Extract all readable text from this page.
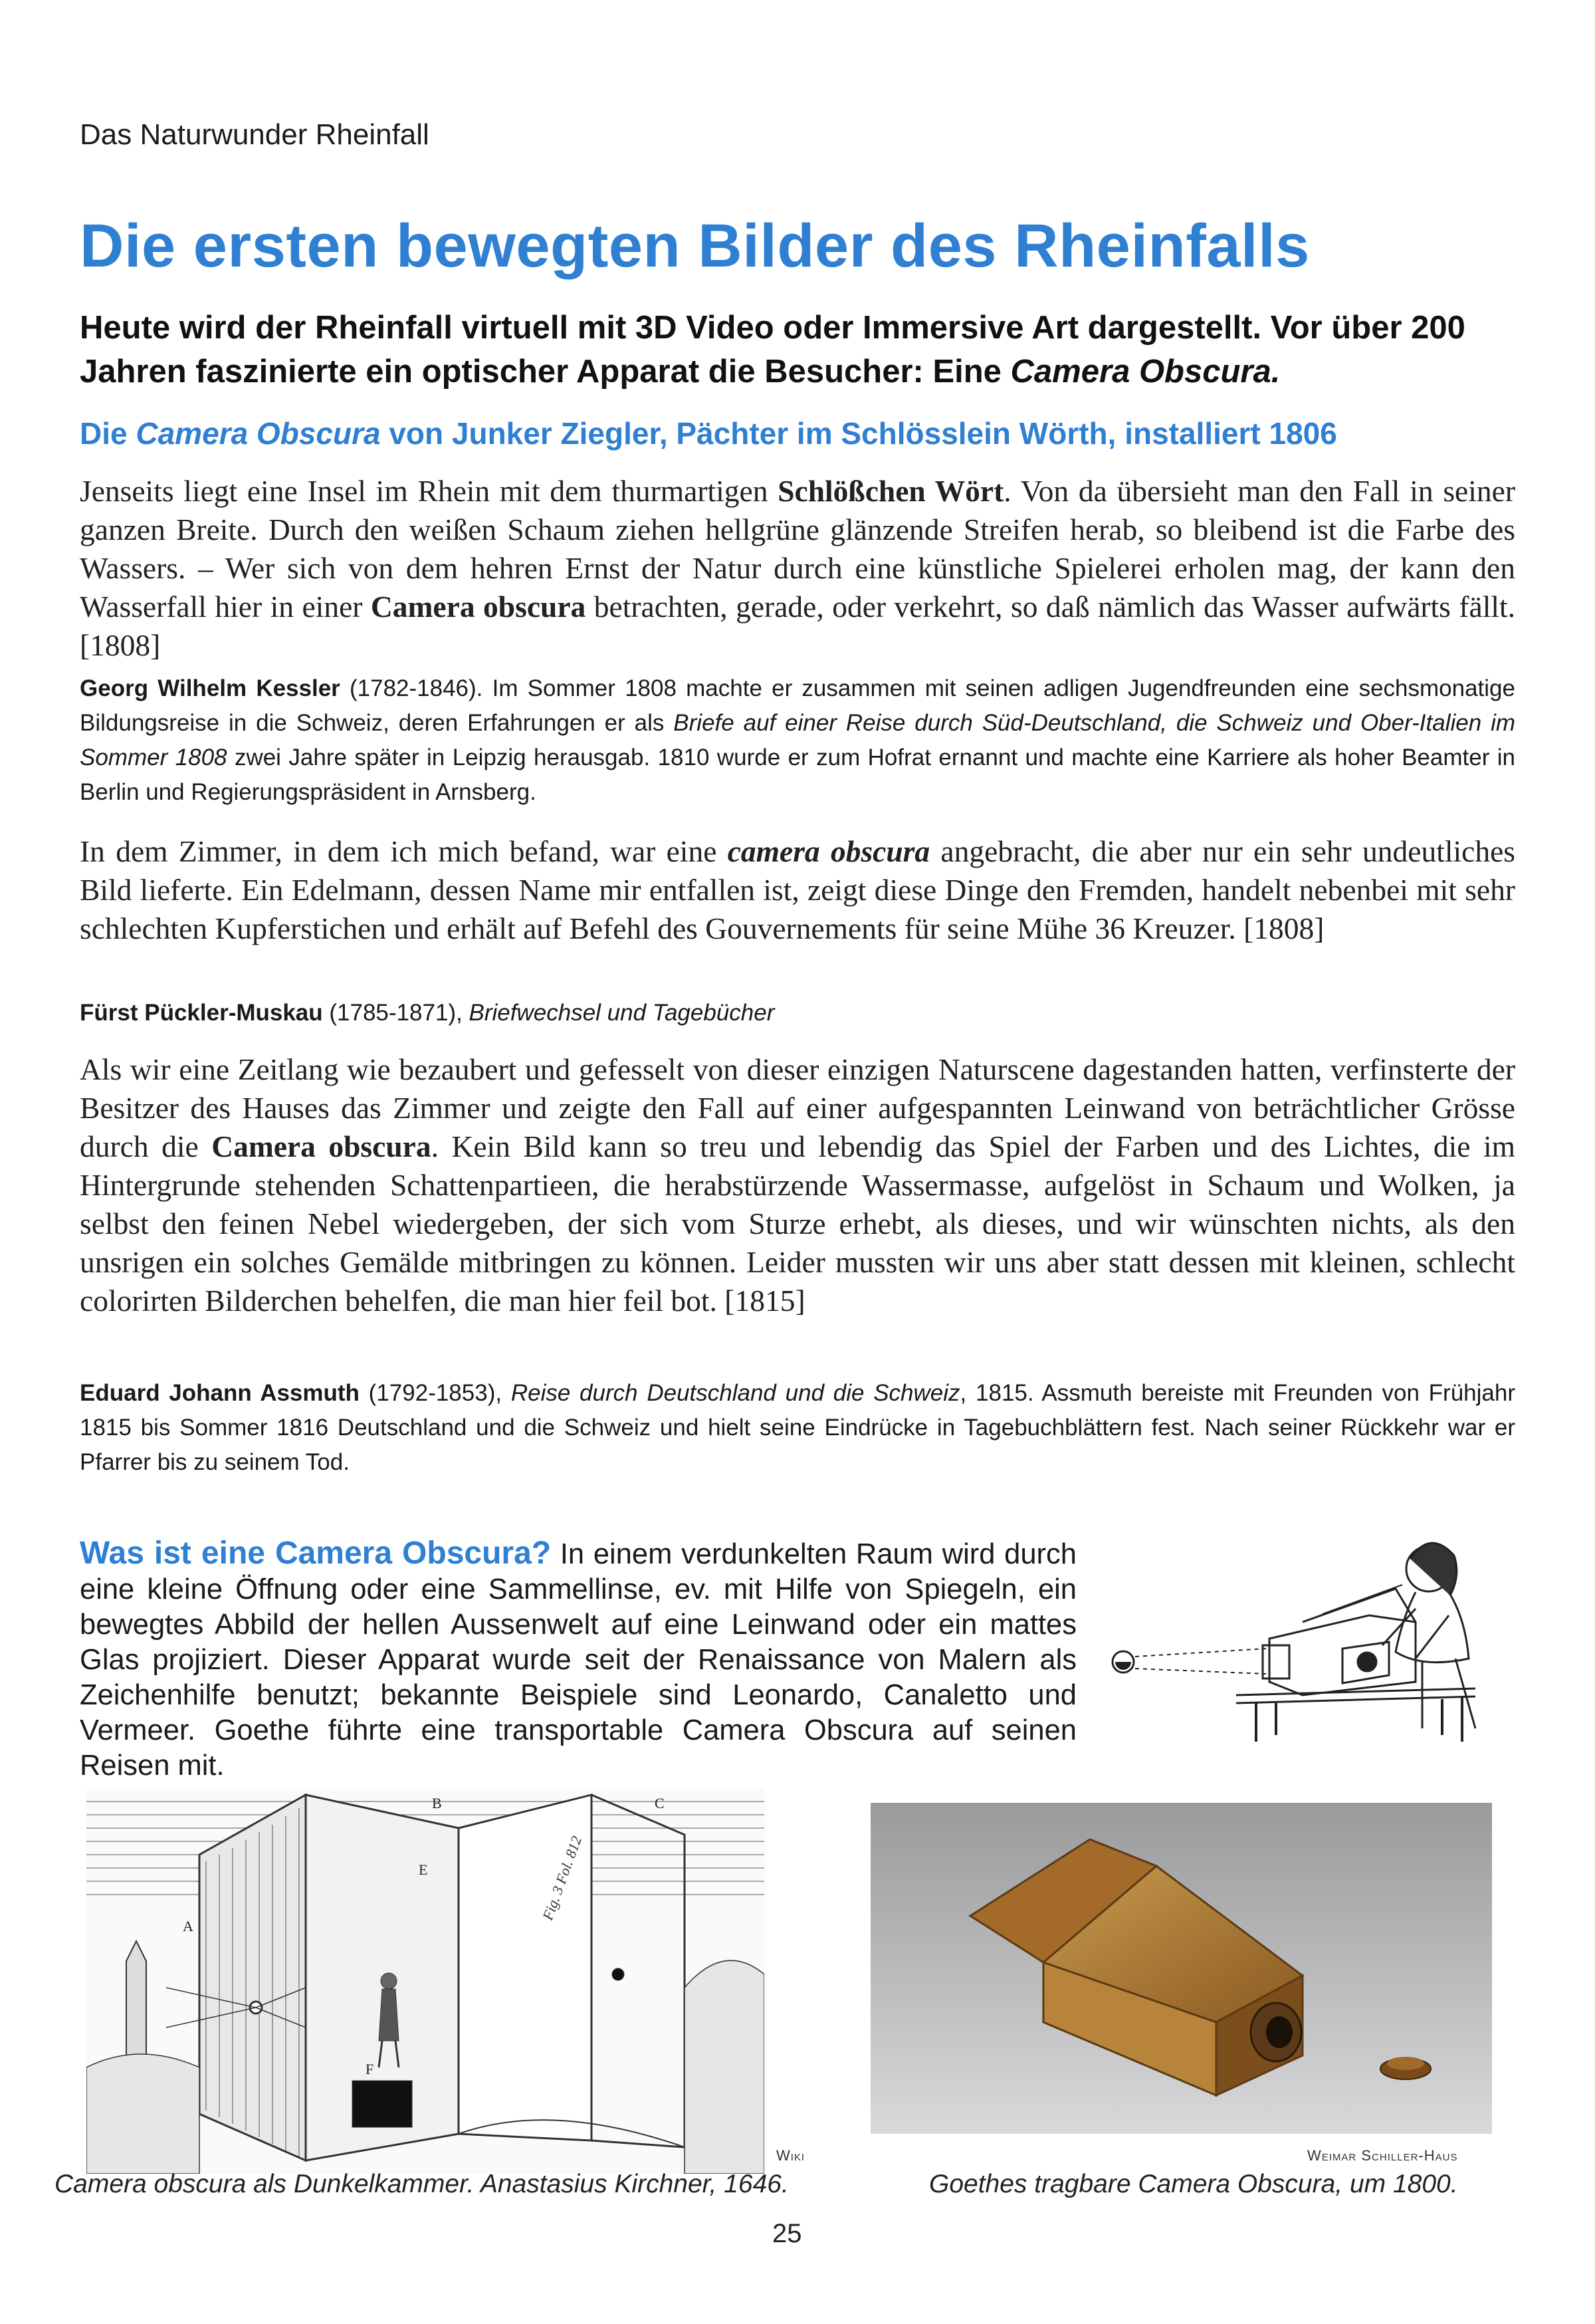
Das Naturwunder Rheinfall
Die ersten bewegten Bilder des Rheinfalls

Heute wird der Rheinfall virtuell mit 3D Video oder Immersive Art dargestellt. Vor über 200 Jahren faszinierte ein optischer Apparat die Besucher: Eine Camera Obscura.

Die Camera Obscura von Junker Ziegler, Pächter im Schlösslein Wörth, installiert 1806

Jenseits liegt eine Insel im Rhein mit dem thurmartigen Schlößchen Wört. Von da übersieht man den Fall in seiner ganzen Breite. Durch den weißen Schaum ziehen hellgrüne glänzende Streifen herab, so bleibend ist die Farbe des Wassers. – Wer sich von dem hehren Ernst der Natur durch eine künstliche Spielerei erholen mag, der kann den Wasserfall hier in einer Camera obscura betrachten, gerade, oder verkehrt, so daß nämlich das Wasser aufwärts fällt. [1808]

Georg Wilhelm Kessler (1782-1846). Im Sommer 1808 machte er zusammen mit seinen adligen Jugendfreunden eine sechsmonatige Bildungsreise in die Schweiz, deren Erfahrungen er als Briefe auf einer Reise durch Süd-Deutschland, die Schweiz und Ober-Italien im Sommer 1808 zwei Jahre später in Leipzig herausgab. 1810 wurde er zum Hofrat ernannt und machte eine Karriere als hoher Beamter in Berlin und Regierungspräsident in Arnsberg.

In dem Zimmer, in dem ich mich befand, war eine camera obscura angebracht, die aber nur ein sehr undeutliches Bild lieferte. Ein Edelmann, dessen Name mir entfallen ist, zeigt diese Dinge den Fremden, handelt nebenbei mit sehr schlechten Kupferstichen und erhält auf Befehl des Gouvernements für seine Mühe 36 Kreuzer. [1808]

Fürst Pückler-Muskau (1785-1871), Briefwechsel und Tagebücher

Als wir eine Zeitlang wie bezaubert und gefesselt von dieser einzigen Naturscene dagestanden hatten, verfinsterte der Besitzer des Hauses das Zimmer und zeigte den Fall auf einer aufgespannten Leinwand von beträchtlicher Grösse durch die Camera obscura. Kein Bild kann so treu und lebendig das Spiel der Farben und des Lichtes, die im Hintergrunde stehenden Schattenpartieen, die herabstürzende Wassermasse, aufgelöst in Schaum und Wolken, ja selbst den feinen Nebel wiedergeben, der sich vom Sturze erhebt, als dieses, und wir wünschten nichts, als den unsrigen ein solches Gemälde mitbringen zu können. Leider mussten wir uns aber statt dessen mit kleinen, schlecht colorirten Bilderchen behelfen, die man hier feil bot. [1815]

Eduard Johann Assmuth (1792-1853), Reise durch Deutschland und die Schweiz, 1815. Assmuth bereiste mit Freunden von Frühjahr 1815 bis Sommer 1816 Deutschland und die Schweiz und hielt seine Eindrücke in Tagebuchblättern fest. Nach seiner Rückkehr war er Pfarrer bis zu seinem Tod.

Was ist eine Camera Obscura? In einem verdunkelten Raum wird durch eine kleine Öffnung oder eine Sammellinse, ev. mit Hilfe von Spiegeln, ein bewegtes Abbild der hellen Aussenwelt auf eine Leinwand oder ein mattes Glas projiziert. Dieser Apparat wurde seit der Renaissance von Malern als Zeichenhilfe benutzt; bekannte Beispiele sind Leonardo, Canaletto und Vermeer. Goethe führte eine transportable Camera Obscura auf seinen Reisen mit.

A
B	C
E
F
Fig. 3 Fol. 812
Wiki	Weimar Schiller-Haus
Camera obscura als Dunkelkammer. Anastasius Kirchner, 1646.	Goethes tragbare Camera Obscura, um 1800.
25
